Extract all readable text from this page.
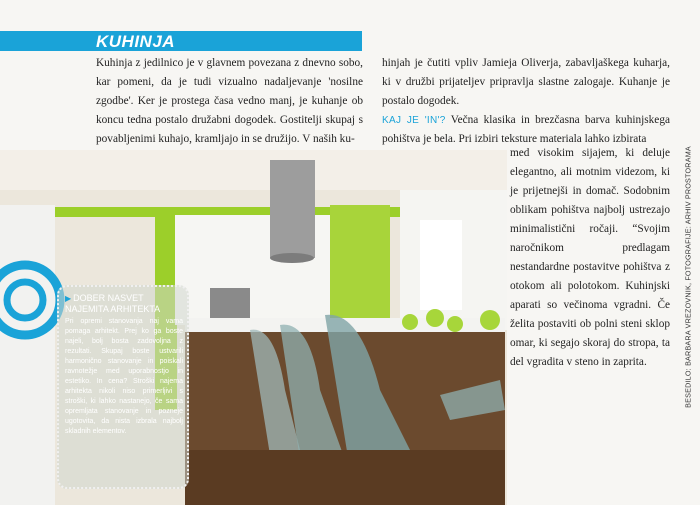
KUHINJA
Kuhinja z jedilnico je v glavnem povezana z dnevno sobo, kar pomeni, da je tudi vizualno nadaljevanje 'nosilne zgodbe'. Ker je prostega časa vedno manj, je kuhanje ob koncu tedna postalo družabni dogodek. Gostitelji skupaj s povabljenimi kuhajo, kramljajo in se družijo. V naših ku-

hinjah je čutiti vpliv Jamieja Oliverja, zabavljaškega kuharja, ki v družbi prijateljev pripravlja slastne zalogaje. Kuhanje je postalo dogodek.

KAJ JE 'IN'? Večna klasika in brezčasna barva kuhinjskega pohištva je bela. Pri izbiri teksture materiala lahko izbirata

med visokim sijajem, ki deluje elegantno, ali motnim videzom, ki je prijetnejši in domač. Sodobnim oblikam pohištva najbolj ustrezajo minimalistični ročaji. “Svojim naročnikom predlagam nestandardne postavitve pohištva z otokom ali polotokom. Kuhinjski aparati so večinoma vgradni. Če želita postaviti ob polni steni sklop omar, ki segajo skoraj do stropa, ta del vgradita v steno in zaprita.
▶ DOBER NASVET NAJEMITA ARHITEKTA
Pri opremi stanovanja naj vama pomaga arhitekt. Prej ko ga boste najeli, bolj bosta zadovoljna z rezultati. Skupaj boste ustvarili harmonično stanovanje in poiskali ravnotežje med uporabnostjo in estetiko. In cena? Stroški najema arhitekta nikoli niso primerljivi s stroški, ki lahko nastanejo, če sama opremljata stanovanje in pozneje ugotovita, da nista izbrala najbolj skladnih elementov.
BESEDILO: BARBARA VREZOVNIK, FOTOGRAFIJE: ARHIV PROSTORAMA
